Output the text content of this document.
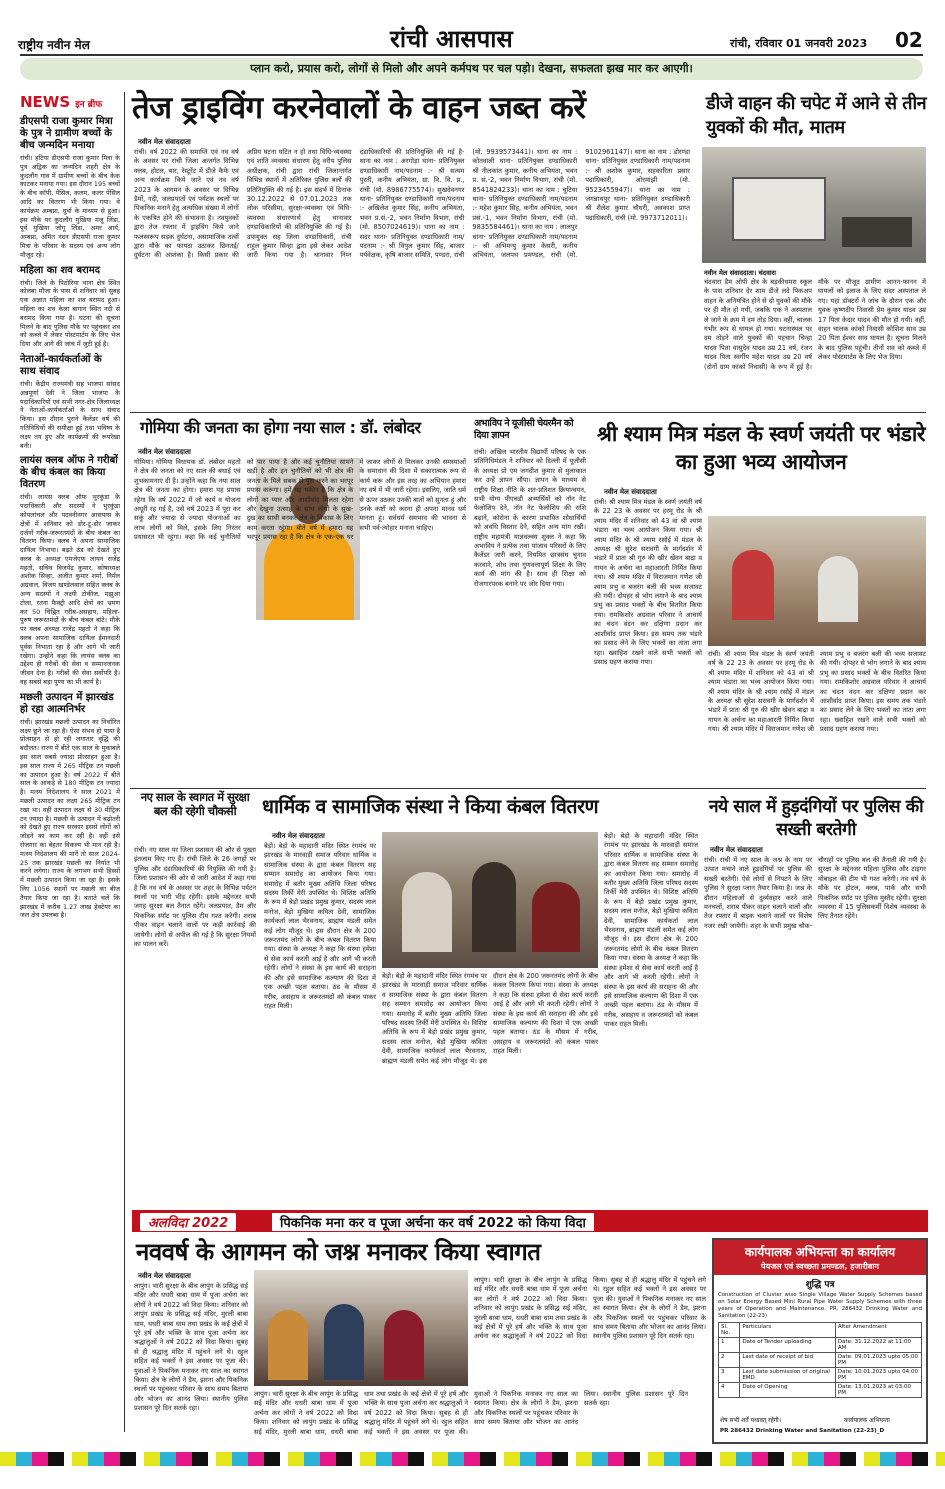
राष्ट्रीय नवीन मेल	रांची आसपास	रांची, रविवार 01 जनवरी 2023 02
प्लान करो, प्रयास करो, लोगों से मिलो और अपने कर्मपथ पर चल पड़ो। देखना, सफलता झख मार कर आएगी।
NEWS इन ब्रीफ
डीएसपी राजा कुमार मित्रा के पुत्र ने ग्रामीण बच्चों के बीच जन्मदिन मनाया
रांची। हटिया डीएसपी राजा कुमार मित्रा के पुत्र अद्विक का जन्मदिन शहरी क्षेत्र के कुदलौंग गांव में ग्रामीण बच्चों के बीच केक काटकर मनाया गया। इस दौरान 195 बच्चों के बीच कॉपी, पेंसिल, कलम, कलर पेंसिल आदि का वितरण भी किया गया। वे कार्यक्रम अम्बप्ना, धुर्वा के माध्यम से हुआ। इस मौके पर कुदलौंग मुखिया मंजू लिंडा, पूर्व मुखिया जोगू लिंडा, अमर आर्य, अम्बप्ना, अमित नंदन डीएसपी राजा कुमार मित्रा के परिवार के सदस्य एवं अन्य लोग मौजूद रहे।
महिला का शव बरामद
रांची। जिले के पिठोरिया थाना क्षेत्र स्थित कोलंबा मौजा के पास से शनिवार को सुबह एक अज्ञात महिला का शव बरामद हुआ। महिला का शव केला बागान स्थित नदी से बरामद किया गया है। घटना की सूचना मिलने के बाद पुलिस मौके पर पहुंचकर शव को कब्जे में लेकर पोस्टमार्टम के लिए भेज दिया और आगे की जांच में जुटी हुई है।
नेताओं-कार्यकर्ताओं के साथ संवाद
रांची। केंद्रीय राज्यमंत्री सह भाजपा सांसद अन्नपूर्णा देवी ने जिला भाजपा के पदाधिकारियों एवं सभी नगर-क्षेत्र जिलाध्यक्ष ने नेताओं-कार्यकर्ताओं के साथ संवाद किया। इस दौरान पुराने कैलेंडर वर्ष की गतिविधियों की समीक्षा हुई तथा भविष्य के लक्ष्य तय हुए और कार्यक्रमों की रूपरेखा बनी।
लायंस क्लब ऑफ ने गरीबों के बीच कंबल का किया वितरण
रांची। लायंस क्लब ऑफ भुरकुंडा के पदाधिकारी और सदस्यों ने भुरकुंडा कोयलांचल और पदवनीनगर आसपास के क्षेत्रों में शनिवार को डोर-टू-डोर जाकर दर्जनों गरीब-जरूरतमंदों के बीच कंबल का वितरण किया। क्लब ने अपना सामाजिक दायित्व निभाया। बढ़ते ठंड को देखते हुए क्लब के अध्यक्ष एमजेएफ लायन राजेंद्र महतो, सचिव विजयेंद्र कुमार, कोषाध्यक्ष अशोक सिन्हा, अजीत कुमार शर्मा, निर्मल अग्रवाल, विजय खण्डेलवाल सहित क्लब के अन्य सदस्यों ने लक्ष्यी टोकीज, मझुआ टोला, रतना फैक्ट्री आदि क्षेत्रों का भ्रमण कर 50 चिह्नित गरीब-असहाय, महिला-पुरुष जरूरतमंदों के बीच कंबल बांटे। मौके पर क्लब अध्यक्ष राजेंद्र महतो ने कहा कि क्लब अपना सामाजिक दायित्व ईमानदारी पूर्वक निभाता रहा है और आगे भी जारी रखेगा। उन्होंने कहा कि लायंस क्लब का उद्देश्य ही गरीबों की सेवा व सम्मानजनक जीवन देना है। गरीबों की सेवा सर्वोपरि है। वह सबसे बड़ा पुण्य का भी कार्य है।
मछली उत्पादन में झारखंड हो रहा आत्मनिर्भर
रांची। झारखंड मछली उत्पादन का निर्धारित लक्ष्य छूने जा रहा है। ऐसा संभव हो पाया है प्रोत्साहन से हो रही लगातार वृद्धि की बदौलत। राज्य में बीते एक साल के मुकाबले इस साल सबसे ज्यादा प्रोत्साहन हुआ है। इस साल राज्य में 265 मीट्रिक टन मछली का उत्पादन हुआ है। वर्ष 2022 में बीते साल के आंकड़े से 180 मीट्रिक टन ज्यादा है। मत्स्य निदेशालय ने साल 2021 में मछली उत्पादन का लक्ष्य 265 मीट्रिक टन रखा था। वहीं उत्पादन लक्ष्य से 30 मीट्रिक टन ज्यादा है। मछली के उत्पादन में बढ़ोतरी को देखते हुए राज्य सरकार इससे लोगों को जोड़ने का काम कर रही है। वहीं इसे रोजगार का बेहतर विकल्प भी मान रही है। मत्स्य निदेशालय की मानें तो साल 2024-25 तक झारखंड मछली का निर्यात भी करने लगेगा। राज्य के लगभग सभी हिस्सों में मछली उत्पादन किया जा रहा है। इसके लिए 1056 स्थानों पर मछली का बीज तैयार किया जा रहा है। बताते चलें कि झारखंड में करीब 1.27 लाख हेक्टेयर का जल क्षेत्र उपलब्ध है।
तेज ड्राइविंग करनेवालों के वाहन जब्त करें
नवीन मेल संवाददाता
रांची। वर्ष 2022 की समाप्ति एवं नव वर्ष के अवसर पर रांची जिला अन्तर्गत विभिन्न क्लब, होटल, बार, रेस्टूरेंट में डीजे कैफे एवं अन्य कार्यक्रम किये जाने एवं नव वर्ष 2023 के आगमन के अवसर पर विभिन्न डैमों, नदी, जलप्रपातों एवं पर्यटक स्थलों पर पिकनिक मनाने हेतु अत्यधिक संख्या में लोगों के एकत्रित होने की संभावना है। नवयुवकों द्वारा तेज रफ्तार में ड्राइविंग किये जाने फलस्वरूप सड़क दुर्घटना, असामाजिक तत्वों द्वारा मौके का फायदा उठाकर छिनतई/दुर्घटना की आशंका है। किसी प्रकार की अप्रिय घटना घटित न हो तथा विधि-व्यवस्था एवं शांति व्यवस्था संधारण हेतु वरीय पुलिस अधीक्षक, रांची द्वारा रांची जिलान्तर्गत विभिन्न स्थानों में अतिरिक्त पुलिस बलों की प्रतिनियुक्ति की गई है। इस संदर्भ में दिनांक 30.12.2022 से 07.01.2023 तक लोक परिसीमा, सुरक्षा-व्यवस्था एवं विधि-व्यवस्था संधारणार्थ हेतु थानावार दण्डाधिकारियों की प्रतिनियुक्ति की गई है। उपायुक्त सह जिला दण्डाधिकारी, रांची राहुल कुमार सिन्हा द्वारा इसे लेकर आदेश जारी किया गया है। थानावार निम्न दंडाधिकारियों की प्रतिनियुक्ति की गई है- थाना का नाम : अरगोड़ा थाना- प्रतिनियुक्त दण्डाधिकारी नाम/पदनाम :- श्री सत्यम पुरती, कनीय अभियंता, ग्रा. वि. वि. प्र., रांची (मो. 8986775574)। सुखदेवनगर थाना- प्रतिनियुक्त दण्डाधिकारी नाम/पदनाम :- अखिलेश कुमार सिंह, कनीय अभियंता, भवन प्र.सं.-2, भवन निर्माण विभाग, रांची (मो. 8507024619)। धाना का नाम : सदर थाना- प्रतिनियुक्त दण्डाधिकारी नाम/पदनाम :- श्री विपुल कुमार सिंह, बाजार पर्यवेक्षक, कृषि बाजार समिति, पण्डरा, रांची (मो. 9939573441)। थाना का नाम : कोतवाली थाना- प्रतिनियुक्त दण्डाधिकारी श्री नीलकांत कुमार, कनीय अभियंता, भवन प्र. सं.-2, भवन निर्माण विभाग, रांची (मो. 8541824233)। थाना का नाम : चुटिया थाना- प्रतिनियुक्त दण्डाधिकारी नाम/पदनाम :- महेश कुमार सिंह, कनीय अभियंता, भवन प्रसं.-1, भवन निर्माण विभाग, रांची (मो. 9835584461)। थाना का नाम : लालपुर थाना- प्रतिनियुक्त दण्डाधिकारी नाम/पदनाम :- श्री अभिमन्यु कुमार केसरी, कनीय अभियंता, जलपथ प्रमण्डल, रांची (मो. 9102961147)। थाना का नाम : डोरण्डा थाना- प्रतिनियुक्त दण्डाधिकारी नाम/पदनाम :- श्री अशोक कुमार, सहकारिता प्रसार पदाधिकारी, ओरमांझी (मो. 9523455947)। थाना का नाम : जगन्नाथपुर थाना- प्रतिनियुक्त दण्डाधिकारी श्री शैलेश कुमार चौधरी, अवकाश प्राप्त पदाधिकारी, रांची (मो. 9973712011)।
डीजे वाहन की चपेट में आने से तीन युवकों की मौत, मातम
नवीन मेल संवाददाता। चंदवारा
चंदवारा डैम ओपी क्षेत्र के बड़कीधमरा स्कूल के पास शनिवार देर शाम डीजे लदे पिकअप वाहन के अनियंत्रित होने से दो युवकों की मौके पर ही मौत हो गयी, जबकि एक ने अस्पताल ले जाने के क्रम में दम तोड़ दिया। वहीं, चालक गंभीर रूप से घायल हो गया। घटनास्थल पर दम तोड़ने वाले युवकों की पहचान चिन्हा यादव पिता वासुदेव यादव उम्र 21 वर्ष, रंजन यादव पिता स्वर्गीय महेश यादव उम्र 20 वर्ष (दोनों ग्राम कांको निवासी) के रूप में हुई है। मौके पर मौजूद ग्रामीण आनन-फानन में घायलों को इलाज के लिए सदर अस्पताल ले गए। यहां डॉक्टरों ने जांच के दौरान एक और युवक कृष्णदीप निवासी प्रेम कुमार यादव उम्र 17 पिता केदार यादव की मौत हो गयी। वहीं, वाहन चालक कांको निवासी कोशिश साव उम्र 20 पिता ईश्वर साव घायल है। सूचना मिलने के बाद पुलिस पहुंची। तीनों शव को कब्जे में लेकर पोस्टमार्टम के लिए भेज दिया।
गोमिया की जनता का होगा नया साल : डॉ. लंबोदर
नवीन मेल संवाददाता
गोमिया। गोमिया विधायक डॉ. लंबोदर महतो ने क्षेत्र की जनता को नए साल की बधाई एवं शुभकामनाएं दी है। उन्होंने कहा कि नया साल क्षेत्र की जनता का होगा। हमारा यह प्रयास रहेगा कि वर्ष 2022 में जो कार्य व योजना अधूरी रह गई है, उसे वर्ष 2023 में पूरा कर सकूं और ज्यादा से ज्यादा योजनाओं का लाभ लोगों को मिले, इसके लिए निरंतर प्रयासरत भी रहूंगा। कहा कि कई चुनौतियों को पार पाया है और कई चुनौतियां सामने खड़ी है और इन चुनौतियों को भी क्षेत्र की जनता के मिले सबक से पूरा करने का भरपूर प्रयास करूंगा। हमें यह यकीन है कि क्षेत्र के लोगों का प्यार और आशीर्वाद मिलता रहेगा और देखुना उत्साह के साथ लोगों के सुख-दुख का साथी बनकर क्षेत्र के विकास के लिए काम करता रहूंगा। बीते वर्ष में हमारा यह भरपूर प्रयास रहा है कि क्षेत्र के एक-एक घर में जाकर लोगों से मिलकर उनकी समस्याओं के समाधान की दिशा में सकारात्मक रूप से कार्य करूं और इस तरह का अभियान हमारा नए वर्ष में भी जारी रहेगा। इसलिए, जाति धर्म से ऊपर उठकर उनकी बातों को सुनता हूं और उनके कष्टों को करना ही अपना मानव धर्म मानता हूं। सर्वधर्म समभाव की भावना से सभी पर्व-त्योहार मनाना चाहिए।
अभाविप ने यूजीसी चेयरमैन को दिया ज्ञापन
रांची। अखिल भारतीय विद्यार्थी परिषद के एक प्रतिनिधिमंडल ने शनिवार को दिल्ली में यूजीसी के अध्यक्ष प्रो एम जगदीश कुमार से मुलाकात कर उन्हें ज्ञापन सौंपा। ज्ञापन के माध्यम से राष्ट्रीय शिक्षा नीति के शत-प्रतिशत क्रियान्वयन, सभी योग्य पीएचडी अभ्यर्थियों को नॉन नेट फेलोशिप देने, नॉन नेट फेलोशिप की राशि बढ़ाने, कोरोना के कारण प्रभावित शोधार्थियों को अवधि विस्तार देने, सहित अन्य मांग रखी। राष्ट्रीय महामंत्री याज्ञवल्क्य शुक्ल ने कहा कि अभाविप ने प्रत्येक तथा पांजाव परिसरों के लिए कैलेंडर जारी करने, नियमित छात्रसंघ चुनाव करवाने, शोध तथा गुणवत्तापूर्ण शिक्षा के लिए कार्य की मांग की है। साथ ही शिक्षा को रोजगारपरक बनाने पर जोर दिया गया।
श्री श्याम मित्र मंडल के स्वर्ण जयंती पर भंडारे का हुआ भव्य आयोजन
नवीन मेल संवाददाता
रांची। श्री श्याम मित्र मंडल के स्वर्ण जयंती वर्ष के 22 23 के अवसर पर हरमू रोड के श्री श्याम मंदिर में शनिवार को 43 वां श्री श्याम भंडारा का भव्य आयोजन किया गया। श्री श्याम मंदिर के श्री श्याम रसोई में मंडल के अध्यक्ष श्री सुरेश सरावगी के मार्गदर्शन में भंडारे में प्रातः श्री गुरु की खीर खेवन बाद्रा व गायन के अर्चना का महाआरती निर्मित किया गया। श्री श्याम मंदिर में विराजमान गणेश जी श्याम प्रभु व बजरंग बली की भव्य सजावट की गयी। दोपहर से भोग लगाने के बाद श्याम प्रभु का प्रसाद भक्तों के बीच वितरित किया गया। रामकिशोर अग्रवाल परिवार ने आचार्य का चंदन वंदन कर दक्षिणा प्रदान कर आशीर्वाद प्राप्त किया। इस समय तक भंडारे का प्रसाद लेने के लिए भक्तों का तांता लगा रहा। ख्वाहिश रखने वाले सभी भक्तों को प्रसाद ग्रहण कराया गया।
रांची। श्री श्याम मित्र मंडल के स्वर्ण जयंती वर्ष के 22 23 के अवसर पर हरमू रोड के श्री श्याम मंदिर में शनिवार को 43 वां श्री श्याम भंडारा का भव्य आयोजन किया गया। श्री श्याम मंदिर के श्री श्याम रसोई में मंडल के अध्यक्ष श्री सुरेश सरावगी के मार्गदर्शन में भंडारे में प्रातः श्री गुरु की खीर खेवन बाद्रा व गायन के अर्चना का महाआरती निर्मित किया गया। श्री श्याम मंदिर में विराजमान गणेश जी श्याम प्रभु व बजरंग बली की भव्य सजावट की गयी। दोपहर से भोग लगाने के बाद श्याम प्रभु का प्रसाद भक्तों के बीच वितरित किया गया। रामकिशोर अग्रवाल परिवार ने आचार्य का चंदन वंदन कर दक्षिणा प्रदान कर आशीर्वाद प्राप्त किया। इस समय तक भंडारे का प्रसाद लेने के लिए भक्तों का तांता लगा रहा। ख्वाहिश रखने वाले सभी भक्तों को प्रसाद ग्रहण कराया गया।
नए साल के स्वागत में सुरक्षा बल की रहेगी चौकसी
रांची। नए साल पर जिला प्रशासन की ओर से पुख्ता इंतजाम किए गए हैं। रांची जिले के 26 जगहों पर पुलिस और दंडाधिकारियों की नियुक्ति की गयी है। जिला प्रशासन की ओर से जारी आदेश में कहा गया है कि नव वर्ष के अवसर पर शहर के विभिन्न पर्यटन स्थलों पर भारी भीड़ रहेगी। इसके मद्देनजर सभी जगह सुरक्षा बल तैनात रहेंगे। जलप्रपात, डैम और पिकनिक स्पॉट पर पुलिस टीम गश्त करेगी। शराब पीकर वाहन चलाने वालों पर कड़ी कार्रवाई की जायेगी। लोगों से अपील की गई है कि सुरक्षा नियमों का पालन करें।
धार्मिक व सामाजिक संस्था ने किया कंबल वितरण
नवीन मेल संवाददाता
बेड़ो। बेड़ो के महादानी मंदिर स्थित रंगमंच पर झारखंड के मारवाड़ी समाज परिवार धार्मिक व सामाजिक संस्था के द्वारा कंबल वितरण सह सम्मान समारोह का आयोजन किया गया। समारोह में बतौर मुख्य अतिथि जिला परिषद सदस्य तिर्की मेरी उपस्थित थे। विशिष्ट अतिथि के रूप में बेड़ो प्रखंड प्रमुख कुमार, सदस्य लाल मनोज, बेड़ो मुखिया कविता देवी, सामाजिक कार्यकर्ता लाल भैरवनाथ, ब्राह्मण मंडली समेत कई लोग मौजूद थे। इस दौरान क्षेत्र के 200 जरूरतमंद लोगों के बीच कंबल वितरण किया गया। संस्था के अध्यक्ष ने कहा कि संस्था हमेशा से सेवा कार्य करती आई है और आगे भी करती रहेगी। लोगों ने संस्था के इस कार्य की सराहना की और इसे सामाजिक कल्याण की दिशा में एक अच्छी पहल बताया। ठंड के मौसम में गरीब, असहाय व जरूरतमंदों को कंबल पाकर राहत मिली।
बेड़ो। बेड़ो के महादानी मंदिर स्थित रंगमंच पर झारखंड के मारवाड़ी समाज परिवार धार्मिक व सामाजिक संस्था के द्वारा कंबल वितरण सह सम्मान समारोह का आयोजन किया गया। समारोह में बतौर मुख्य अतिथि जिला परिषद सदस्य तिर्की मेरी उपस्थित थे। विशिष्ट अतिथि के रूप में बेड़ो प्रखंड प्रमुख कुमार, सदस्य लाल मनोज, बेड़ो मुखिया कविता देवी, सामाजिक कार्यकर्ता लाल भैरवनाथ, ब्राह्मण मंडली समेत कई लोग मौजूद थे। इस दौरान क्षेत्र के 200 जरूरतमंद लोगों के बीच कंबल वितरण किया गया। संस्था के अध्यक्ष ने कहा कि संस्था हमेशा से सेवा कार्य करती आई है और आगे भी करती रहेगी। लोगों ने संस्था के इस कार्य की सराहना की और इसे सामाजिक कल्याण की दिशा में एक अच्छी पहल बताया। ठंड के मौसम में गरीब, असहाय व जरूरतमंदों को कंबल पाकर राहत मिली।
बेड़ो। बेड़ो के महादानी मंदिर स्थित रंगमंच पर झारखंड के मारवाड़ी समाज परिवार धार्मिक व सामाजिक संस्था के द्वारा कंबल वितरण सह सम्मान समारोह का आयोजन किया गया। समारोह में बतौर मुख्य अतिथि जिला परिषद सदस्य तिर्की मेरी उपस्थित थे। विशिष्ट अतिथि के रूप में बेड़ो प्रखंड प्रमुख कुमार, सदस्य लाल मनोज, बेड़ो मुखिया कविता देवी, सामाजिक कार्यकर्ता लाल भैरवनाथ, ब्राह्मण मंडली समेत कई लोग मौजूद थे। इस दौरान क्षेत्र के 200 जरूरतमंद लोगों के बीच कंबल वितरण किया गया। संस्था के अध्यक्ष ने कहा कि संस्था हमेशा से सेवा कार्य करती आई है और आगे भी करती रहेगी। लोगों ने संस्था के इस कार्य की सराहना की और इसे सामाजिक कल्याण की दिशा में एक अच्छी पहल बताया। ठंड के मौसम में गरीब, असहाय व जरूरतमंदों को कंबल पाकर राहत मिली।
नये साल में हुड़दंगियों पर पुलिस की सख्ती बरतेगी
नवीन मेल संवाददाता
रांची। रांची में नए साल के जश्न के नाम पर उत्पात मचाने वाले हुड़दंगियों पर पुलिस की सख्ती बरतेगी। ऐसे लोगों से निपटने के लिए पुलिस ने सुरक्षा प्लान तैयार किया है। जश्न के दौरान महिलाओं से दुर्व्यवहार करने वाले मनचलों, शराब पीकर वाहन चलाने वालों और तेज रफ्तार में बाइक चलाने वालों पर विशेष नजर रखी जायेगी। शहर के सभी प्रमुख चौक-चौराहों पर पुलिस बल की तैनाती की गयी है। सुरक्षा के मद्देनजर महिला पुलिस और टाइगर मोबाइल की टीम भी गश्त करेगी। नव वर्ष के मौके पर होटल, क्लब, पार्क और सभी पिकनिक स्पॉट पर पुलिस मुस्तैद रहेगी। सुरक्षा व्यवस्था में 15 पुलिसकर्मी विशेष व्यवस्था के लिए तैनात रहेंगे।
अलविदा 2022	पिकनिक मना कर व पूजा अर्चना कर वर्ष 2022 को किया विदा
नववर्ष के आगमन को जश्न मनाकर किया स्वागत
नवीन मेल संवाददाता
लापुंग। भारी सुरक्षा के बीच लापुंग के प्रसिद्ध सई मंदिर और धधरी बाबा धाम में पूजा अर्चना कर लोगों ने वर्ष 2022 को विदा किया। शनिवार को लापुंग प्रखंड के प्रसिद्ध सई मंदिर, मुरली बाबा धाम, धधरी बाबा धाम तथा प्रखंड के कई क्षेत्रों में पूरे हर्ष और भक्ति के साथ पूजा अर्चना कर श्रद्धालुओं ने वर्ष 2022 को विदा किया। सुबह से ही श्रद्धालु मंदिर में पहुंचने लगे थे। रहुल सहित कई भक्तों ने इस अवसर पर पूजा की। युवाओं ने पिकनिक मनाकर नए साल का स्वागत किया। क्षेत्र के लोगों ने डैम, झरना और पिकनिक स्थलों पर पहुंचकर परिवार के साथ समय बिताया और भोजन का आनंद लिया। स्थानीय पुलिस प्रशासन पूरे दिन सतर्क रहा।
लापुंग। भारी सुरक्षा के बीच लापुंग के प्रसिद्ध सई मंदिर और धधरी बाबा धाम में पूजा अर्चना कर लोगों ने वर्ष 2022 को विदा किया। शनिवार को लापुंग प्रखंड के प्रसिद्ध सई मंदिर, मुरली बाबा धाम, धधरी बाबा धाम तथा प्रखंड के कई क्षेत्रों में पूरे हर्ष और भक्ति के साथ पूजा अर्चना कर श्रद्धालुओं ने वर्ष 2022 को विदा किया। सुबह से ही श्रद्धालु मंदिर में पहुंचने लगे थे। रहुल सहित कई भक्तों ने इस अवसर पर पूजा की। युवाओं ने पिकनिक मनाकर नए साल का स्वागत किया। क्षेत्र के लोगों ने डैम, झरना और पिकनिक स्थलों पर पहुंचकर परिवार के साथ समय बिताया और भोजन का आनंद लिया। स्थानीय पुलिस प्रशासन पूरे दिन सतर्क रहा।
लापुंग। भारी सुरक्षा के बीच लापुंग के प्रसिद्ध सई मंदिर और धधरी बाबा धाम में पूजा अर्चना कर लोगों ने वर्ष 2022 को विदा किया। शनिवार को लापुंग प्रखंड के प्रसिद्ध सई मंदिर, मुरली बाबा धाम, धधरी बाबा धाम तथा प्रखंड के कई क्षेत्रों में पूरे हर्ष और भक्ति के साथ पूजा अर्चना कर श्रद्धालुओं ने वर्ष 2022 को विदा किया। सुबह से ही श्रद्धालु मंदिर में पहुंचने लगे थे। रहुल सहित कई भक्तों ने इस अवसर पर पूजा की। युवाओं ने पिकनिक मनाकर नए साल का स्वागत किया। क्षेत्र के लोगों ने डैम, झरना और पिकनिक स्थलों पर पहुंचकर परिवार के साथ समय बिताया और भोजन का आनंद लिया। स्थानीय पुलिस प्रशासन पूरे दिन सतर्क रहा।
कार्यपालक अभियन्ता का कार्यालय
पेयजल एवं स्वच्छता प्रमण्डल, हजारीबाग
शुद्धि पत्र
Construction of Cluster wise Single Village Water Supply Schemes based on Solar Energy Based Mini Rural Pipe Water Supply Schemes with three years of Operation and Maintenance. PR. 286432 Drinking Water and Sanitation (22-23)
Sl. No.	Particulars	After Amendment
1	Date of Tender uploading	Date: 31.12.2022 at 11:00 AM
2	Last date of receipt of bid	Date: 09.01.2023 upto 05:00 PM
3	Last date submission of original EMD	Date: 10.01.2023 upto 04:00 PM
4	Date of Opening	Date: 13.01.2023 at 03:00 PM
शेष सभी शर्तें यथावत् रहेंगी।	कार्यपालक अभियन्ता
PR 286432 Drinking Water and Sanitation (22-23)_D
